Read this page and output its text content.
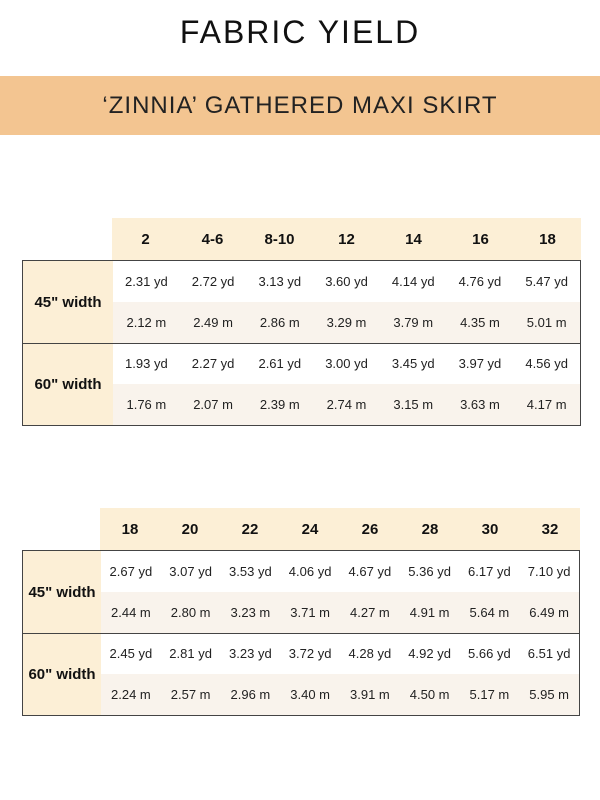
FABRIC YIELD
‘ZINNIA’ GATHERED MAXI SKIRT
2	4-6	8-10	12	14	16	18
45" width
2.31 yd	2.72 yd	3.13 yd	3.60 yd	4.14 yd	4.76 yd	5.47 yd
2.12 m	2.49 m	2.86 m	3.29 m	3.79 m	4.35 m	5.01 m
60" width
1.93 yd	2.27 yd	2.61 yd	3.00 yd	3.45 yd	3.97 yd	4.56 yd
1.76 m	2.07 m	2.39 m	2.74 m	3.15 m	3.63 m	4.17 m
18	20	22	24	26	28	30	32
45" width
2.67 yd	3.07 yd	3.53 yd	4.06 yd	4.67 yd	5.36 yd	6.17 yd	7.10 yd
2.44 m	2.80 m	3.23 m	3.71 m	4.27 m	4.91 m	5.64 m	6.49 m
60" width
2.45 yd	2.81 yd	3.23 yd	3.72 yd	4.28 yd	4.92 yd	5.66 yd	6.51 yd
2.24 m	2.57 m	2.96 m	3.40 m	3.91 m	4.50 m	5.17 m	5.95 m
